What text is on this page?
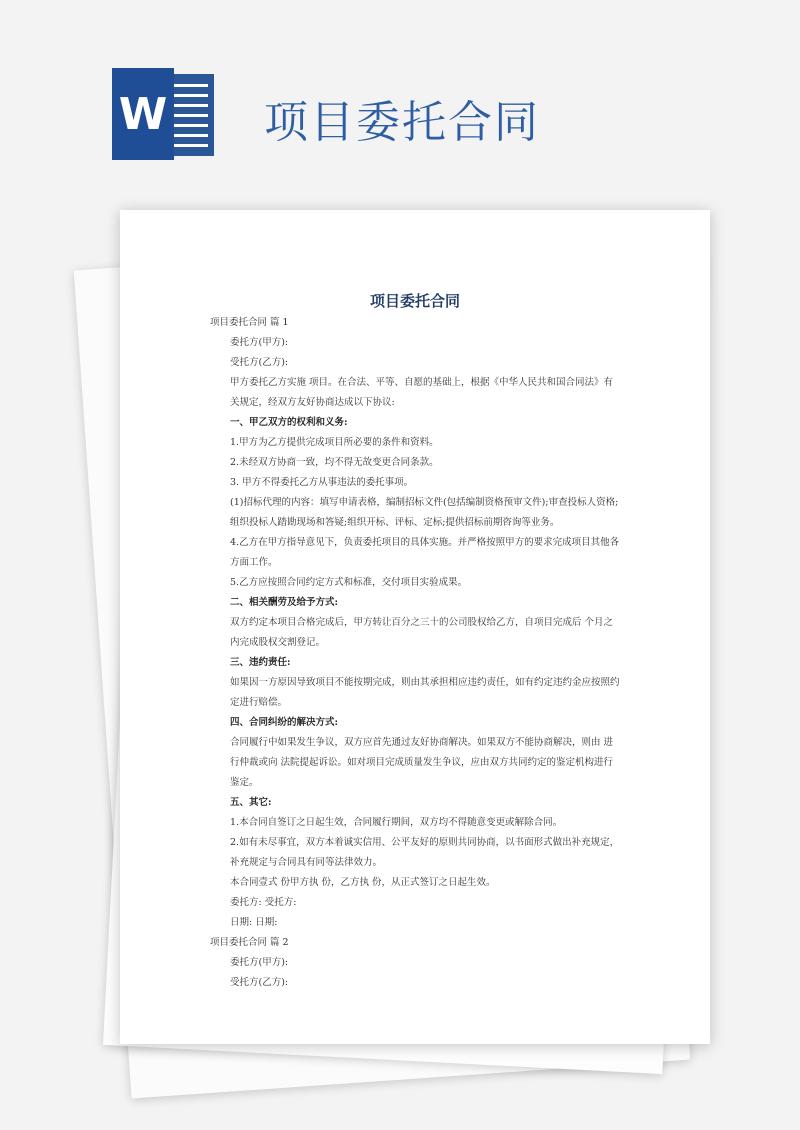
W 项目委托合同
项目委托合同

项目委托合同 篇 1

委托方(甲方):

受托方(乙方):

甲方委托乙方实施 项目。在合法、平等、自愿的基础上，根据《中华人民共和国合同法》有关规定，经双方友好协商达成以下协议:

一、甲乙双方的权利和义务:

1.甲方为乙方提供完成项目所必要的条件和资料。

2.未经双方协商一致，均不得无故变更合同条款。

3. 甲方不得委托乙方从事违法的委托事项。

(1)招标代理的内容：填写申请表格，编制招标文件(包括编制资格预审文件);审查投标人资格;组织投标人踏勘现场和答疑;组织开标、评标、定标;提供招标前期咨询等业务。

4.乙方在甲方指导意见下，负责委托项目的具体实施。并严格按照甲方的要求完成项目其他各方面工作。

5.乙方应按照合同约定方式和标准，交付项目实验成果。

二、相关酬劳及给予方式:

双方约定本项目合格完成后，甲方转让百分之三十的公司股权给乙方，自项目完成后 个月之内完成股权交割登记。

三、违约责任:

如果因一方原因导致项目不能按期完成，则由其承担相应违约责任，如有约定违约金应按照约定进行赔偿。

四、合同纠纷的解决方式:

合同履行中如果发生争议，双方应首先通过友好协商解决。如果双方不能协商解决，则由 进行仲裁或向 法院提起诉讼。如对项目完成质量发生争议，应由双方共同约定的鉴定机构进行鉴定。

五、其它:

1.本合同自签订之日起生效，合同履行期间，双方均不得随意变更或解除合同。

2.如有未尽事宜，双方本着诚实信用、公平友好的原则共同协商，以书面形式做出补充规定，补充规定与合同具有同等法律效力。

本合同壹式 份甲方执 份，乙方执 份，从正式签订之日起生效。

委托方: 受托方:

日期: 日期:

项目委托合同 篇 2

委托方(甲方):

受托方(乙方):
